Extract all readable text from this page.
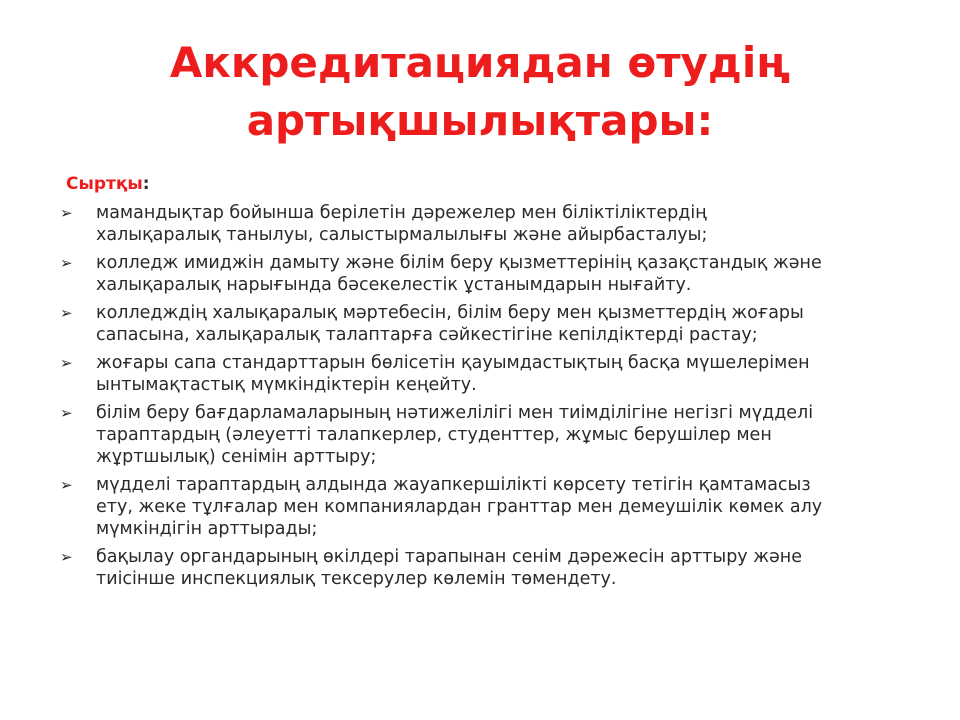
Аккредитациядан өтудің
артықшылықтары:
Сыртқы:
➢ мамандықтар бойынша берілетін дәрежелер мен біліктіліктердің
халықаралық танылуы, салыстырмалылығы және айырбасталуы;
➢ колледж имиджін дамыту және білім беру қызметтерінің қазақстандық және
халықаралық нарығында бәсекелестік ұстанымдарын нығайту.
➢ колледждің халықаралық мәртебесін, білім беру мен қызметтердің жоғары
сапасына, халықаралық талаптарға сәйкестігіне кепілдіктерді растау;
➢ жоғары сапа стандарттарын бөлісетін қауымдастықтың басқа мүшелерімен
ынтымақтастық мүмкіндіктерін кеңейту.
➢ білім беру бағдарламаларының нәтижелілігі мен тиімділігіне негізгі мүдделі
тараптардың (әлеуетті талапкерлер, студенттер, жұмыс берушілер мен
жұртшылық) сенімін арттыру;
➢ мүдделі тараптардың алдында жауапкершілікті көрсету тетігін қамтамасыз
ету, жеке тұлғалар мен компаниялардан гранттар мен демеушілік көмек алу
мүмкіндігін арттырады;
➢ бақылау органдарының өкілдері тарапынан сенім дәрежесін арттыру және
тиісінше инспекциялық тексерулер көлемін төмендету.
